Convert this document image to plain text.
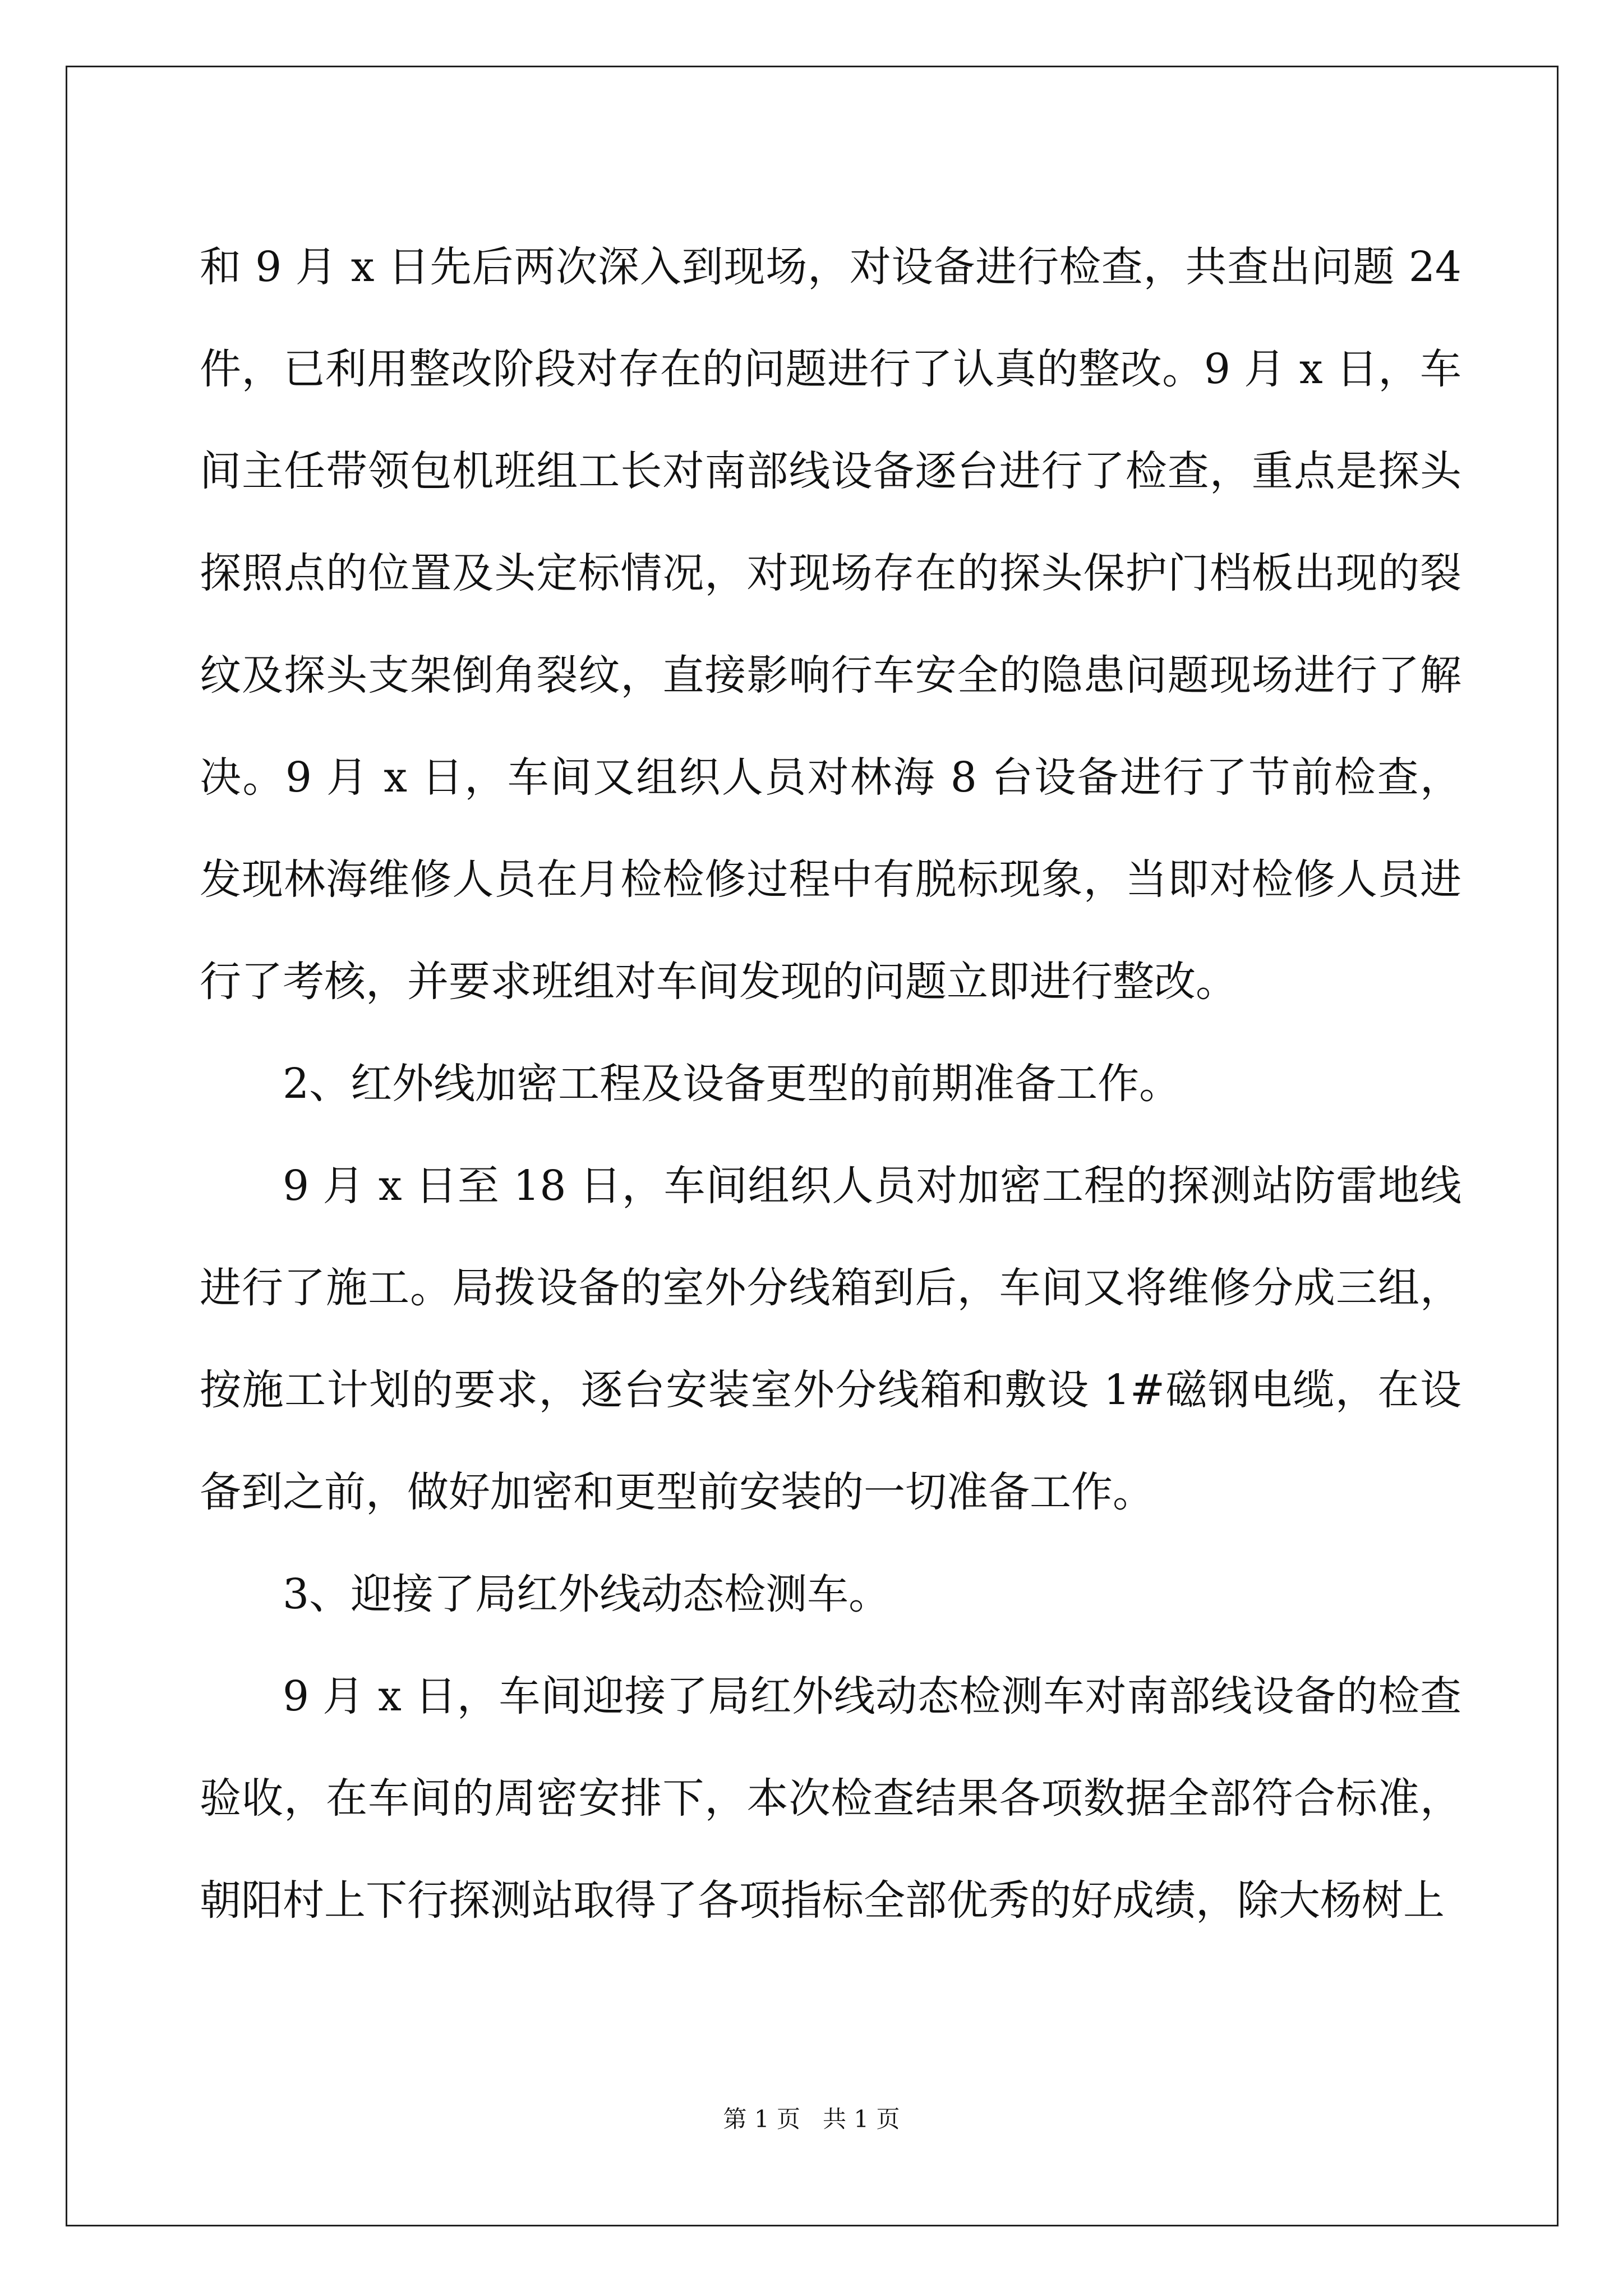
和 9 月 x 日先后两次深入到现场，对设备进行检查，共查出问题 24 件，已利用整改阶段对存在的问题进行了认真的整改。9 月 x 日，车间主任带领包机班组工长对南部线设备逐台进行了检查，重点是探头探照点的位置及头定标情况，对现场存在的探头保护门档板出现的裂纹及探头支架倒角裂纹，直接影响行车安全的隐患问题现场进行了解决。9 月 x 日，车间又组织人员对林海 8 台设备进行了节前检查，发现林海维修人员在月检检修过程中有脱标现象，当即对检修人员进行了考核，并要求班组对车间发现的问题立即进行整改。

2、红外线加密工程及设备更型的前期准备工作。

9 月 x 日至 18 日，车间组织人员对加密工程的探测站防雷地线进行了施工。局拨设备的室外分线箱到后，车间又将维修分成三组，按施工计划的要求，逐台安装室外分线箱和敷设 1#磁钢电缆，在设备到之前，做好加密和更型前安装的一切准备工作。

3、迎接了局红外线动态检测车。

9 月 x 日，车间迎接了局红外线动态检测车对南部线设备的检查验收，在车间的周密安排下，本次检查结果各项数据全部符合标准，朝阳村上下行探测站取得了各项指标全部优秀的好成绩，除大杨树上

第 1 页   共 1 页
